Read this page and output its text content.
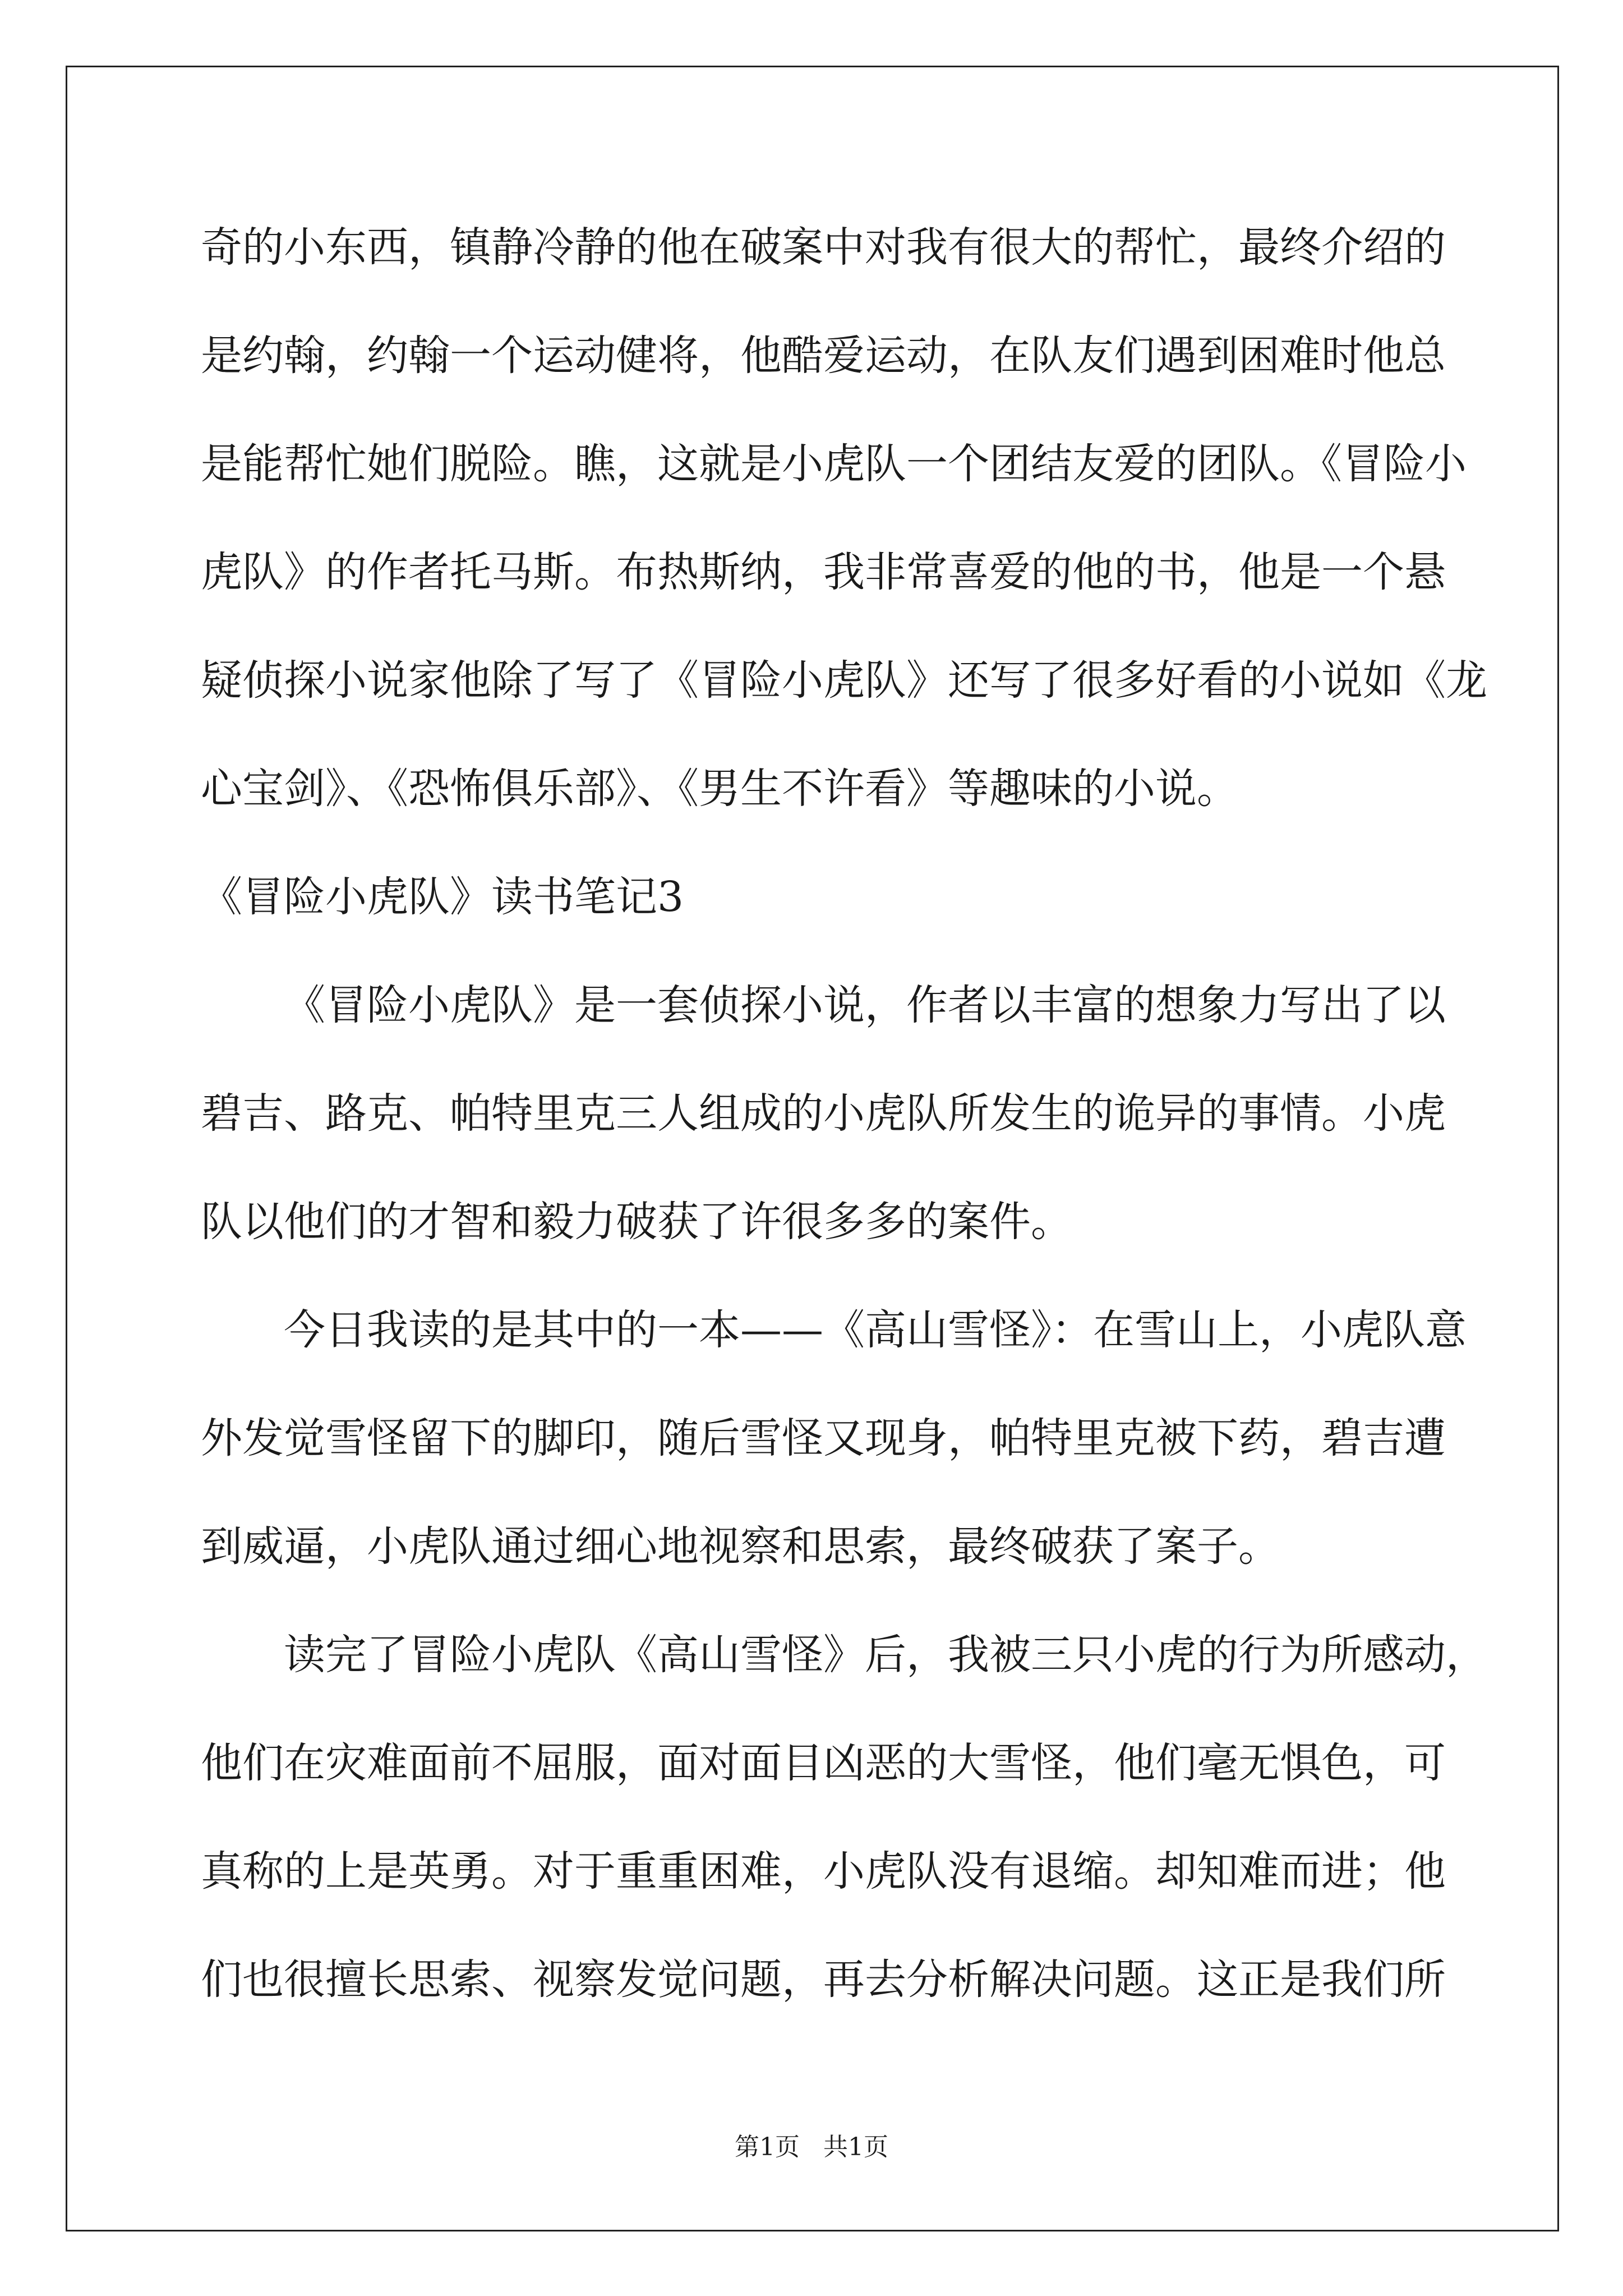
奇的小东西，镇静冷静的他在破案中对我有很大的帮忙，最终介绍的
是约翰，约翰一个运动健将，他酷爱运动，在队友们遇到困难时他总
是能帮忙她们脱险。瞧，这就是小虎队一个团结友爱的团队。《冒险小
虎队》的作者托马斯。布热斯纳，我非常喜爱的他的书，他是一个悬
疑侦探小说家他除了写了《冒险小虎队》还写了很多好看的小说如《龙
心宝剑》、《恐怖俱乐部》、《男生不许看》等趣味的小说。
《冒险小虎队》读书笔记3
《冒险小虎队》是一套侦探小说，作者以丰富的想象力写出了以
碧吉、路克、帕特里克三人组成的小虎队所发生的诡异的事情。小虎
队以他们的才智和毅力破获了许很多多的案件。
今日我读的是其中的一本——《高山雪怪》：在雪山上，小虎队意
外发觉雪怪留下的脚印，随后雪怪又现身，帕特里克被下药，碧吉遭
到威逼，小虎队通过细心地视察和思索，最终破获了案子。
读完了冒险小虎队《高山雪怪》后，我被三只小虎的行为所感动，
他们在灾难面前不屈服，面对面目凶恶的大雪怪，他们毫无惧色，可
真称的上是英勇。对于重重困难，小虎队没有退缩。却知难而进；他
们也很擅长思索、视察发觉问题，再去分析解决问题。这正是我们所
第1页   共1页
